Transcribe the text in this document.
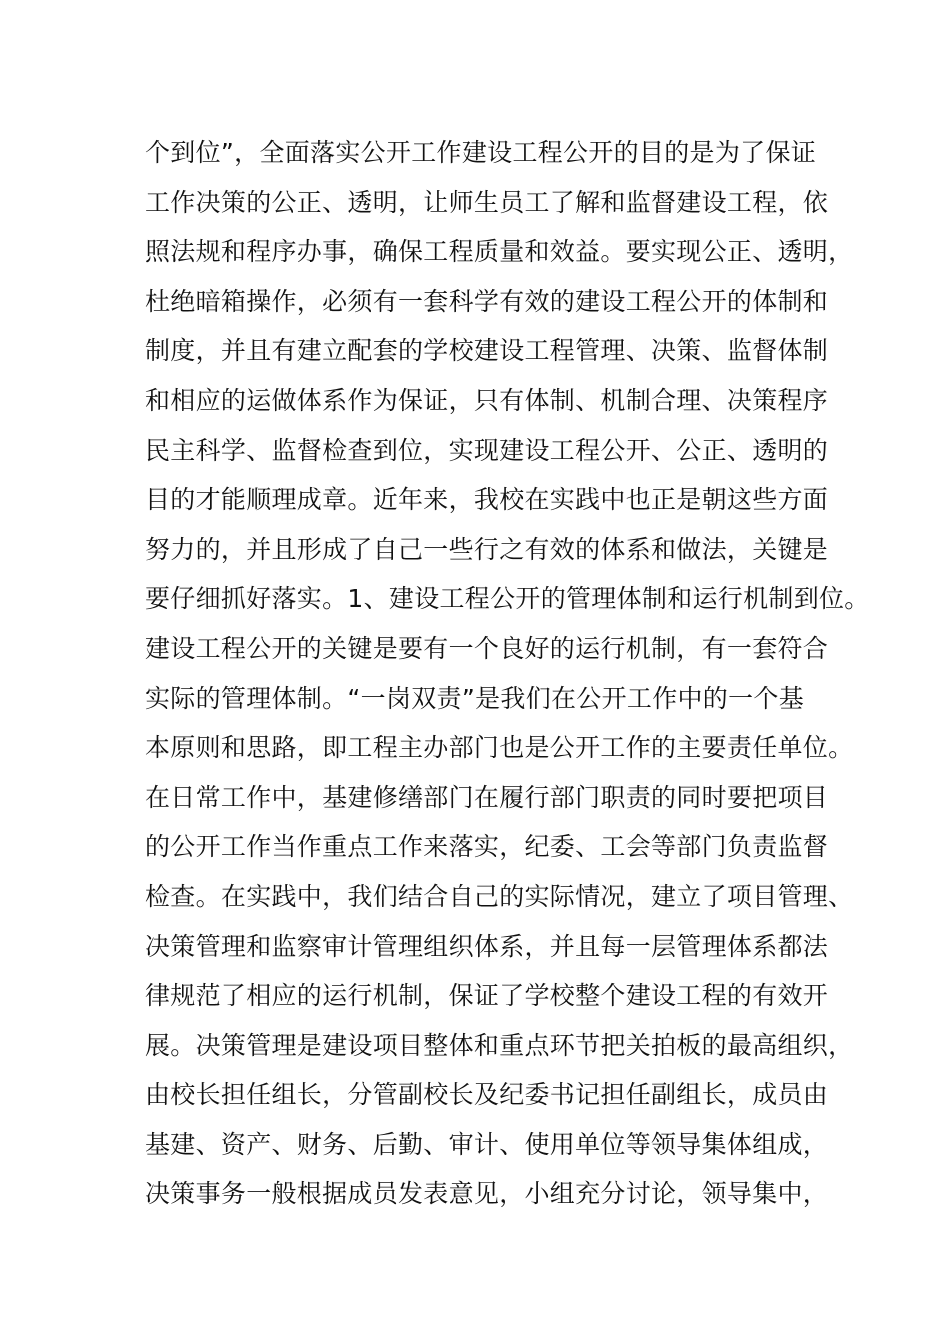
个到位”，全面落实公开工作建设工程公开的目的是为了保证
工作决策的公正、透明，让师生员工了解和监督建设工程，依
照法规和程序办事，确保工程质量和效益。要实现公正、透明，
杜绝暗箱操作，必须有一套科学有效的建设工程公开的体制和
制度，并且有建立配套的学校建设工程管理、决策、监督体制
和相应的运做体系作为保证，只有体制、机制合理、决策程序
民主科学、监督检查到位，实现建设工程公开、公正、透明的
目的才能顺理成章。近年来，我校在实践中也正是朝这些方面
努力的，并且形成了自己一些行之有效的体系和做法，关键是
要仔细抓好落实。1、建设工程公开的管理体制和运行机制到位。
建设工程公开的关键是要有一个良好的运行机制，有一套符合
实际的管理体制。“一岗双责”是我们在公开工作中的一个基
本原则和思路，即工程主办部门也是公开工作的主要责任单位。
在日常工作中，基建修缮部门在履行部门职责的同时要把项目
的公开工作当作重点工作来落实，纪委、工会等部门负责监督
检查。在实践中，我们结合自己的实际情况，建立了项目管理、
决策管理和监察审计管理组织体系，并且每一层管理体系都法
律规范了相应的运行机制，保证了学校整个建设工程的有效开
展。决策管理是建设项目整体和重点环节把关拍板的最高组织，
由校长担任组长，分管副校长及纪委书记担任副组长，成员由
基建、资产、财务、后勤、审计、使用单位等领导集体组成，
决策事务一般根据成员发表意见，小组充分讨论，领导集中，
